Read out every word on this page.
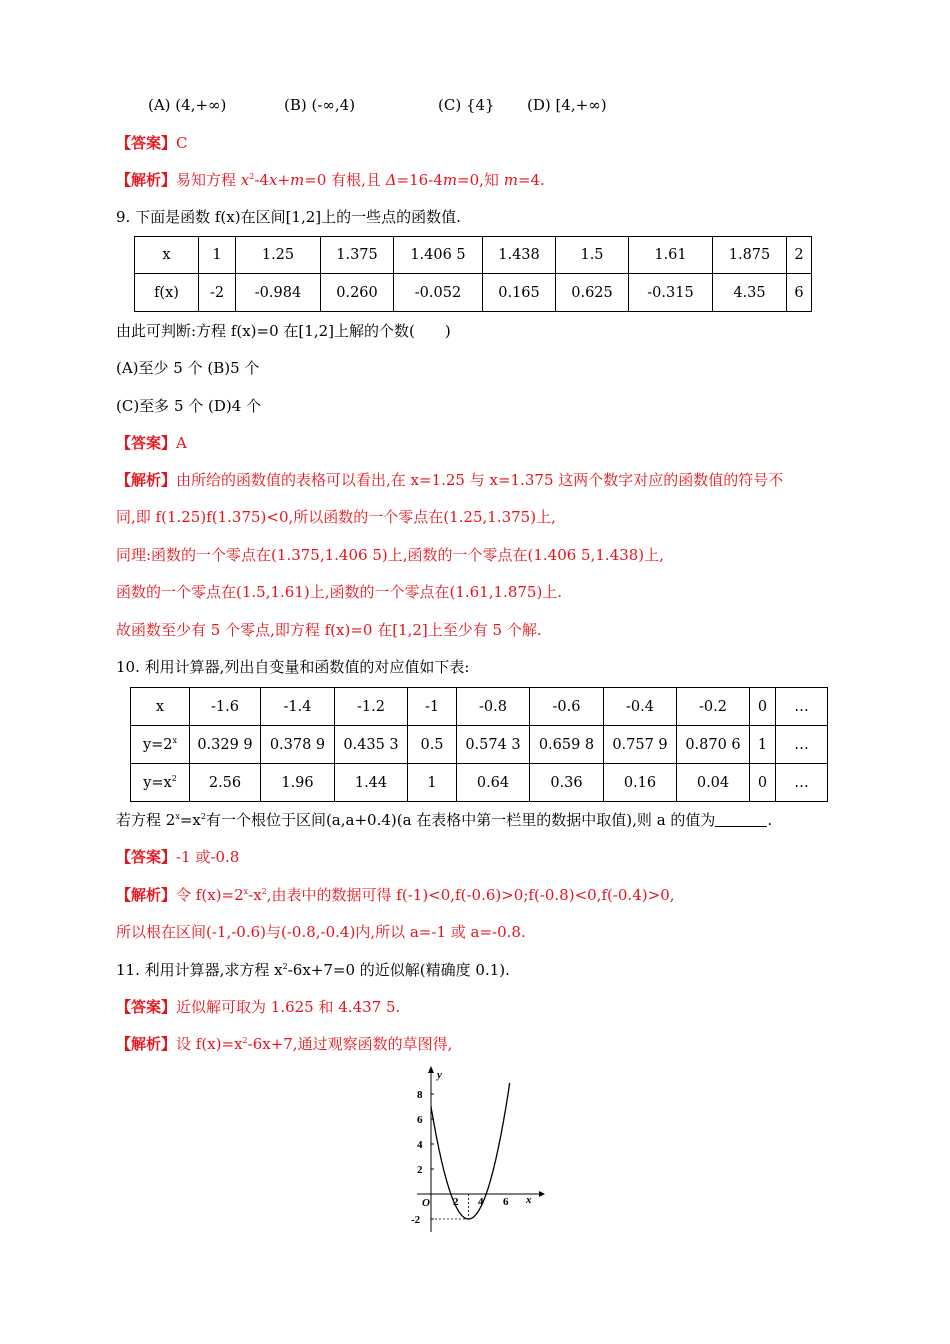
(A) (4,+∞)	(B) (-∞,4)	(C) {4} (D) [4,+∞)
【答案】C
【解析】易知方程 $x^2-4x+m=0$ 有根,且 Δ=16-4m=0,知 m=4.
9. 下面是函数 f(x)在区间[1,2]上的一些点的函数值.
x	1	1.25	1.375	1.406 5	1.438	1.5	1.61	1.875	2
f(x)	-2	-0.984	0.260	-0.052	0.165	0.625	-0.315	4.35	6
由此可判断:方程 f(x)=0 在[1,2]上解的个数(　　)
(A)至少 5 个 (B)5 个
(C)至多 5 个 (D)4 个
【答案】A
【解析】由所给的函数值的表格可以看出,在 x=1.25 与 x=1.375 这两个数字对应的函数值的符号不
同,即 f(1.25)f(1.375)<0,所以函数的一个零点在(1.25,1.375)上,
同理:函数的一个零点在(1.375,1.406 5)上,函数的一个零点在(1.406 5,1.438)上,
函数的一个零点在(1.5,1.61)上,函数的一个零点在(1.61,1.875)上.
故函数至少有 5 个零点,即方程 f(x)=0 在[1,2]上至少有 5 个解.
10. 利用计算器,列出自变量和函数值的对应值如下表:
x	-1.6	-1.4	-1.2	-1	-0.8	-0.6	-0.4	-0.2	0	…
$y=2^x$	0.329 9	0.378 9	0.435 3	0.5	0.574 3	0.659 8	0.757 9	0.870 6	1	…
$y=x^2$	2.56	1.96	1.44	1	0.64	0.36	0.16	0.04	0	…
若方程 $2^x=x^2$有一个根位于区间(a,a+0.4)(a 在表格中第一栏里的数据中取值),则 a 的值为	.
【答案】-1 或-0.8
【解析】令 $f(x)=2^x-x^2$,由表中的数据可得 f(-1)<0,f(-0.6)>0;f(-0.8)<0,f(-0.4)>0,
所以根在区间(-1,-0.6)与(-0.8,-0.4)内,所以 a=-1 或 a=-0.8.
11. 利用计算器,求方程 $x^2-6x+7=0$ 的近似解(精确度 0.1).
【答案】近似解可取为 1.625 和 4.437 5.
【解析】设 $f(x)=x^2-6x+7$,通过观察函数的草图得,
y
x
O
8
6
4
2
-2
2 4 6
